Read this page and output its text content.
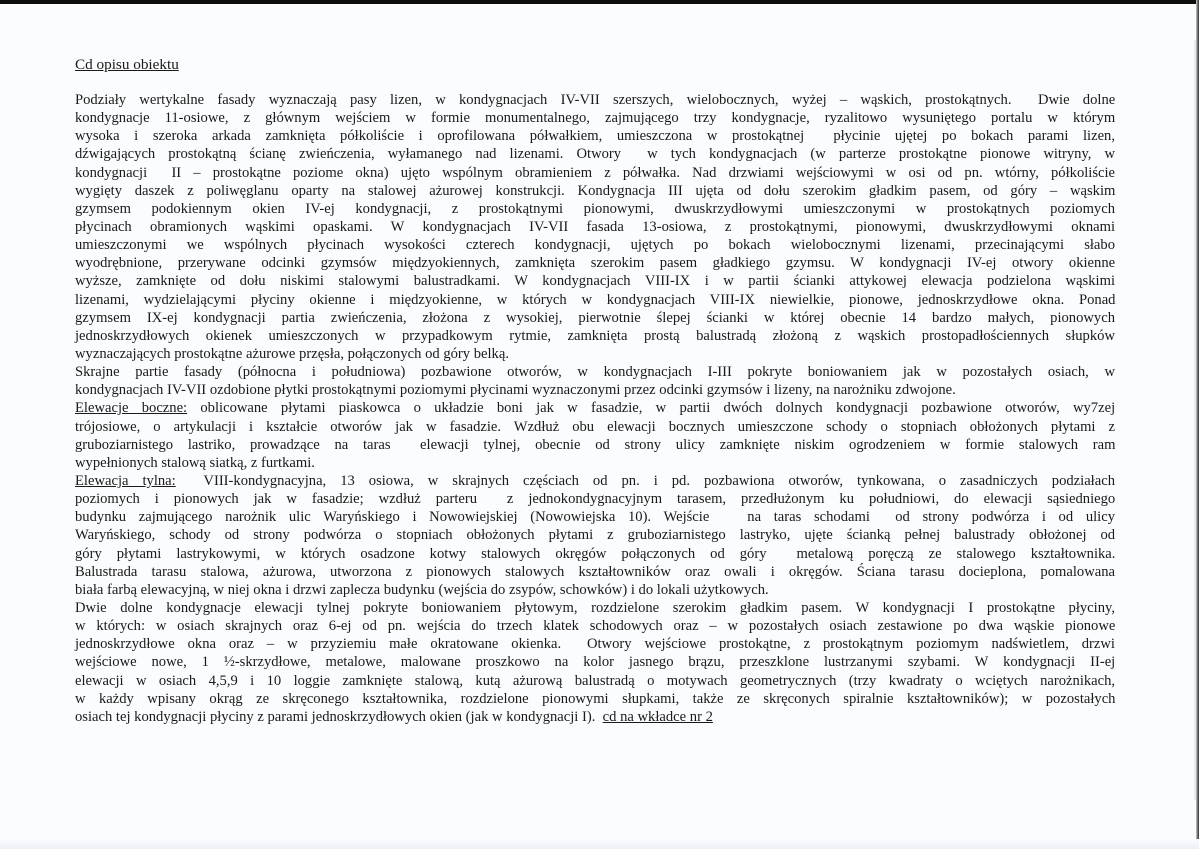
Cd opisu obiektu
Podziały wertykalne fasady wyznaczają pasy lizen, w kondygnacjach IV-VII szerszych, wielobocznych, wyżej – wąskich, prostokątnych.  Dwie dolne
kondygnacje 11-osiowe, z głównym wejściem w formie monumentalnego, zajmującego trzy kondygnacje, ryzalitowo wysuniętego portalu w którym
wysoka i szeroka arkada zamknięta półkoliście i oprofilowana półwałkiem, umieszczona w prostokątnej  płycinie ujętej po bokach parami lizen,
dźwigających prostokątną ścianę zwieńczenia, wyłamanego nad lizenami. Otwory  w tych kondygnacjach (w parterze prostokątne pionowe witryny, w
kondygnacji  II – prostokątne poziome okna) ujęto wspólnym obramieniem z półwałka. Nad drzwiami wejściowymi w osi od pn. wtórny, półkoliście
wygięty daszek z poliwęglanu oparty na stalowej ażurowej konstrukcji. Kondygnacja III ujęta od dołu szerokim gładkim pasem, od góry – wąskim
gzymsem podokiennym okien IV-ej kondygnacji, z prostokątnymi pionowymi, dwuskrzydłowymi umieszczonymi w prostokątnych poziomych
płycinach obramionych wąskimi opaskami. W kondygnacjach IV-VII fasada 13-osiowa, z prostokątnymi, pionowymi, dwuskrzydłowymi oknami
umieszczonymi we wspólnych płycinach wysokości czterech kondygnacji, ujętych po bokach wielobocznymi lizenami, przecinającymi słabo
wyodrębnione, przerywane odcinki gzymsów międzyokiennych, zamknięta szerokim pasem gładkiego gzymsu. W kondygnacji IV-ej otwory okienne
wyższe, zamknięte od dołu niskimi stalowymi balustradkami. W kondygnacjach VIII-IX i w partii ścianki attykowej elewacja podzielona wąskimi
lizenami, wydzielającymi płyciny okienne i międzyokienne, w których w kondygnacjach VIII-IX niewielkie, pionowe, jednoskrzydłowe okna. Ponad
gzymsem IX-ej kondygnacji partia zwieńczenia, złożona z wysokiej, pierwotnie ślepej ścianki w której obecnie 14 bardzo małych, pionowych
jednoskrzydłowych okienek umieszczonych w przypadkowym rytmie, zamknięta prostą balustradą złożoną z wąskich prostopadłościennych słupków
wyznaczających prostokątne ażurowe przęsła, połączonych od góry belką.
Skrajne partie fasady (północna i południowa) pozbawione otworów, w kondygnacjach I-III pokryte boniowaniem jak w pozostałych osiach, w
kondygnacjach IV-VII ozdobione płytki prostokątnymi poziomymi płycinami wyznaczonymi przez odcinki gzymsów i lizeny, na narożniku zdwojone.
Elewacje boczne: oblicowane płytami piaskowca o układzie boni jak w fasadzie, w partii dwóch dolnych kondygnacji pozbawione otworów, wy7zej
trójosiowe, o artykulacji i kształcie otworów jak w fasadzie. Wzdłuż obu elewacji bocznych umieszczone schody o stopniach obłożonych płytami z
gruboziarnistego lastriko, prowadzące na taras  elewacji tylnej, obecnie od strony ulicy zamknięte niskim ogrodzeniem w formie stalowych ram
wypełnionych stalową siatką, z furtkami.
Elewacja tylna:  VIII-kondygnacyjna, 13 osiowa, w skrajnych częściach od pn. i pd. pozbawiona otworów, tynkowana, o zasadniczych podziałach
poziomych i pionowych jak w fasadzie; wzdłuż parteru  z jednokondygnacyjnym tarasem, przedłużonym ku południowi, do elewacji sąsiedniego
budynku zajmującego narożnik ulic Waryńskiego i Nowowiejskiej (Nowowiejska 10). Wejście   na taras schodami  od strony podwórza i od ulicy
Waryńskiego, schody od strony podwórza o stopniach obłożonych płytami z gruboziarnistego lastryko, ujęte ścianką pełnej balustrady obłożonej od
góry płytami lastrykowymi, w których osadzone kotwy stalowych okręgów połączonych od góry  metalową poręczą ze stalowego kształtownika.
Balustrada tarasu stalowa, ażurowa, utworzona z pionowych stalowych kształtowników oraz owali i okręgów. Ściana tarasu docieplona, pomalowana
biała farbą elewacyjną, w niej okna i drzwi zaplecza budynku (wejścia do zsypów, schowków) i do lokali użytkowych.
Dwie dolne kondygnacje elewacji tylnej pokryte boniowaniem płytowym, rozdzielone szerokim gładkim pasem. W kondygnacji I prostokątne płyciny,
w których: w osiach skrajnych oraz 6-ej od pn. wejścia do trzech klatek schodowych oraz – w pozostałych osiach zestawione po dwa wąskie pionowe
jednoskrzydłowe okna oraz – w przyziemiu małe okratowane okienka.  Otwory wejściowe prostokątne, z prostokątnym poziomym nadświetlem, drzwi
wejściowe nowe, 1 ½-skrzydłowe, metalowe, malowane proszkowo na kolor jasnego brązu, przeszklone lustrzanymi szybami. W kondygnacji II-ej
elewacji w osiach 4,5,9 i 10 loggie zamknięte stalową, kutą ażurową balustradą o motywach geometrycznych (trzy kwadraty o wciętych narożnikach,
w każdy wpisany okrąg ze skręconego kształtownika, rozdzielone pionowymi słupkami, także ze skręconych spiralnie kształtowników); w pozostałych
osiach tej kondygnacji płyciny z parami jednoskrzydłowych okien (jak w kondygnacji I).  cd na wkładce nr 2
